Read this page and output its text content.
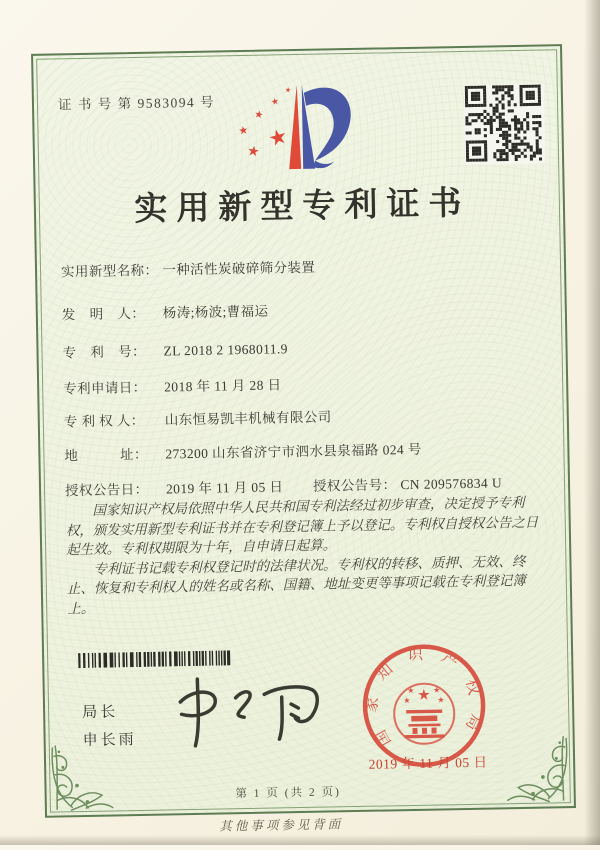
证 书 号 第 9583094 号
★
★
★
★
★
★
实用新型专利证书
实用新型名称： 一种活性炭破碎筛分装置
发　明　人： 杨涛;杨波;曹福运
专　利　号： ZL 2018 2 1968011.9
专利申请日： 2018 年 11 月 28 日
专 利 权 人： 山东恒易凯丰机械有限公司
地　　　址： 273200 山东省济宁市泗水县泉福路 024 号
授权公告日： 2019 年 11 月 05 日 授权公告号： CN 209576834 U

国家知识产权局依照中华人民共和国专利法经过初步审查，决定授予专利权，颁发实用新型专利证书并在专利登记簿上予以登记。专利权自授权公告之日起生效。专利权期限为十年，自申请日起算。

专利证书记载专利权登记时的法律状况。专利权的转移、质押、无效、终止、恢复和专利权人的姓名或名称、国籍、地址变更等事项记载在专利登记簿上。

局长
申长雨	国家知识产权局
★
★ ★
★	★
2019 年 11 月 05 日
第 1 页 (共 2 页)
其他事项参见背面
